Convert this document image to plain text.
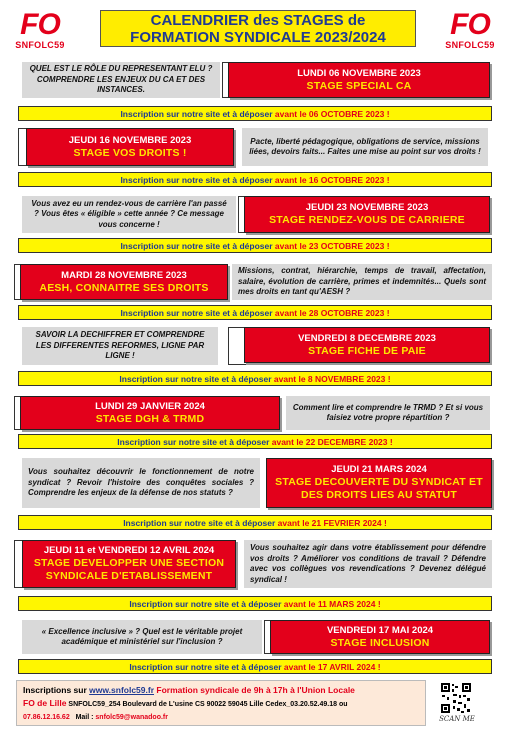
FO
SNFOLC59
CALENDRIER des STAGES de
FORMATION SYNDICALE 2023/2024	FO
SNFOLC59
QUEL EST LE RÔLE DU REPRESENTANT ELU ? COMPRENDRE LES ENJEUX DU CA ET DES INSTANCES.
LUNDI 06 NOVEMBRE 2023
STAGE SPECIAL CA
Inscription sur notre site et à déposer avant le 06 OCTOBRE 2023 !
JEUDI 16 NOVEMBRE 2023
STAGE VOS DROITS !
Pacte, liberté pédagogique, obligations de service, missions liées, devoirs faits... Faites une mise au point sur vos droits !
Inscription sur notre site et à déposer avant le 16 OCTOBRE 2023 !
Vous avez eu un rendez-vous de carrière l'an passé ? Vous êtes « éligible » cette année ? Ce message vous concerne !
JEUDI 23 NOVEMBRE 2023
STAGE RENDEZ-VOUS DE CARRIERE
Inscription sur notre site et à déposer avant le 23 OCTOBRE 2023 !
MARDI 28 NOVEMBRE 2023
AESH, CONNAITRE SES DROITS
Missions, contrat, hiérarchie, temps de travail, affectation, salaire, évolution de carrière, primes et indemnités... Quels sont mes droits en tant qu'AESH ?
Inscription sur notre site et à déposer avant le 28 OCTOBRE 2023 !
SAVOIR LA DECHIFFRER ET COMPRENDRE LES DIFFERENTES REFORMES, LIGNE PAR LIGNE !
VENDREDI 8 DECEMBRE 2023
STAGE FICHE DE PAIE
Inscription sur notre site et à déposer avant le 8 NOVEMBRE 2023 !
LUNDI 29 JANVIER 2024
STAGE DGH & TRMD
Comment lire et comprendre le TRMD ? Et si vous faisiez votre propre répartition ?
Inscription sur notre site et à déposer avant le 22 DECEMBRE 2023 !
Vous souhaitez découvrir le fonctionnement de notre syndicat ? Revoir l'histoire des conquêtes sociales ? Comprendre les enjeux de la défense de nos statuts ?
JEUDI 21 MARS 2024
STAGE DECOUVERTE DU SYNDICAT ET DES DROITS LIES AU STATUT
Inscription sur notre site et à déposer avant le 21 FEVRIER 2024 !
JEUDI 11 et VENDREDI 12 AVRIL 2024
STAGE DEVELOPPER UNE SECTION SYNDICALE D'ETABLISSEMENT
Vous souhaitez agir dans votre établissement pour défendre vos droits ? Améliorer vos conditions de travail ? Défendre avec vos collègues vos revendications ? Devenez délégué syndical !
Inscription sur notre site et à déposer avant le 11 MARS 2024 !
« Excellence inclusive » ? Quel est le véritable projet académique et ministériel sur l'inclusion ?
VENDREDI 17 MAI 2024
STAGE INCLUSION
Inscription sur notre site et à déposer avant le 17 AVRIL 2024 !
Inscriptions sur www.snfolc59.fr Formation syndicale de 9h à 17h à l'Union Locale
FO de Lille SNFOLC59_254 Boulevard de L'usine CS 90022 59045 Lille Cedex_03.20.52.49.18 ou
07.86.12.16.62 Mail : snfolc59@wanadoo.fr	SCAN ME
